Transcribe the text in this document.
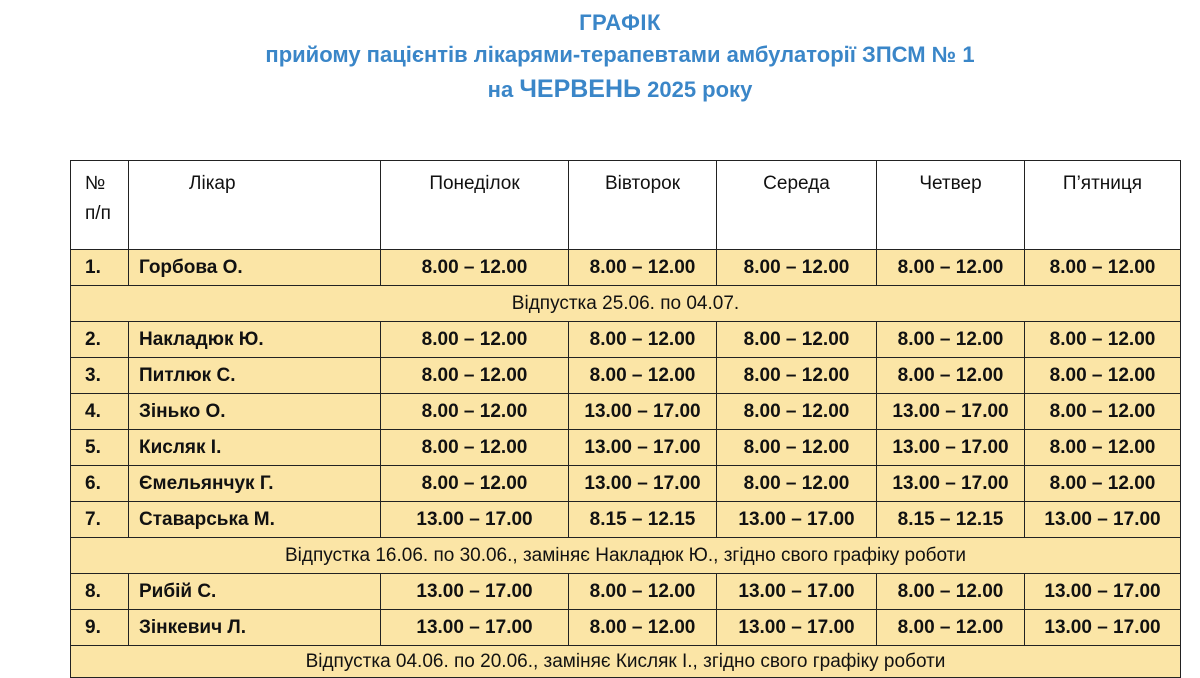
ГРАФІК
прийому пацієнтів лікарями-терапевтами амбулаторії ЗПСМ № 1
на ЧЕРВЕНЬ 2025 року
№
п/п	Лікар	Понеділок	Вівторок	Середа	Четвер	П’ятниця
1.	Горбова О.	8.00 – 12.00	8.00 – 12.00	8.00 – 12.00	8.00 – 12.00	8.00 – 12.00
Відпустка 25.06. по 04.07.						
2.	Накладюк Ю.	8.00 – 12.00	8.00 – 12.00	8.00 – 12.00	8.00 – 12.00	8.00 – 12.00
3.	Питлюк С.	8.00 – 12.00	8.00 – 12.00	8.00 – 12.00	8.00 – 12.00	8.00 – 12.00
4.	Зінько О.	8.00 – 12.00	13.00 – 17.00	8.00 – 12.00	13.00 – 17.00	8.00 – 12.00
5.	Кисляк І.	8.00 – 12.00	13.00 – 17.00	8.00 – 12.00	13.00 – 17.00	8.00 – 12.00
6.	Ємельянчук Г.	8.00 – 12.00	13.00 – 17.00	8.00 – 12.00	13.00 – 17.00	8.00 – 12.00
7.	Ставарська М.	13.00 – 17.00	8.15 – 12.15	13.00 – 17.00	8.15 – 12.15	13.00 – 17.00
Відпустка 16.06. по 30.06., заміняє Накладюк Ю., згідно свого графіку роботи						
8.	Рибій С.	13.00 – 17.00	8.00 – 12.00	13.00 – 17.00	8.00 – 12.00	13.00 – 17.00
9.	Зінкевич Л.	13.00 – 17.00	8.00 – 12.00	13.00 – 17.00	8.00 – 12.00	13.00 – 17.00
Відпустка 04.06. по 20.06., заміняє Кисляк І., згідно свого графіку роботи						
